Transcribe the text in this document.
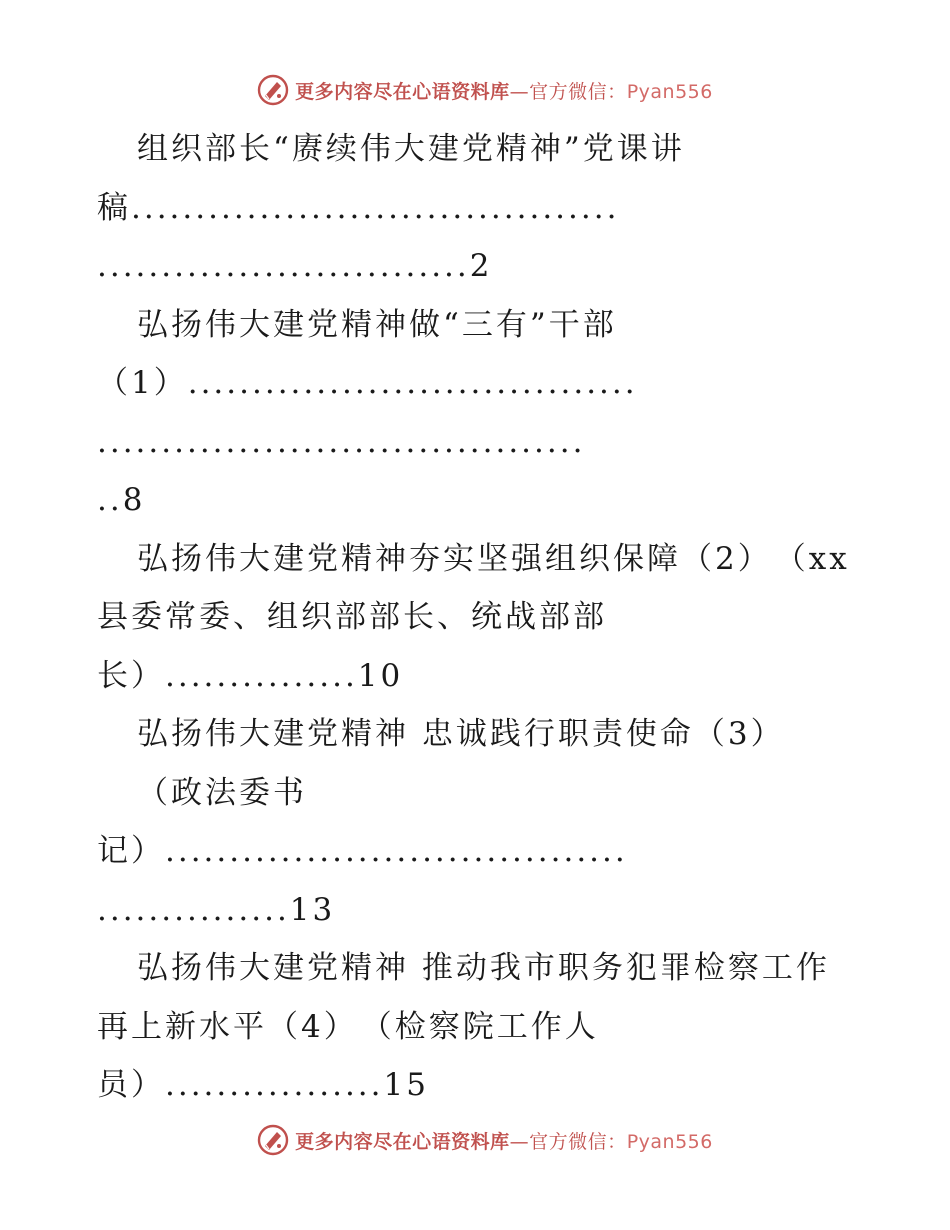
更多内容尽在心语资料库—官方微信：Pyan556
组织部长“赓续伟大建党精神”党课讲
稿......................................
.............................2
弘扬伟大建党精神做“三有”干部
（1）...................................
......................................
..8
弘扬伟大建党精神夯实坚强组织保障（2）　（xx
县委常委、组织部部长、统战部部
长）...............10
弘扬伟大建党精神 忠诚践行职责使命（3）
（政法委书
记）....................................
...............13
弘扬伟大建党精神 推动我市职务犯罪检察工作
再上新水平（4）　（检察院工作人
员）.................15
更多内容尽在心语资料库—官方微信：Pyan556
